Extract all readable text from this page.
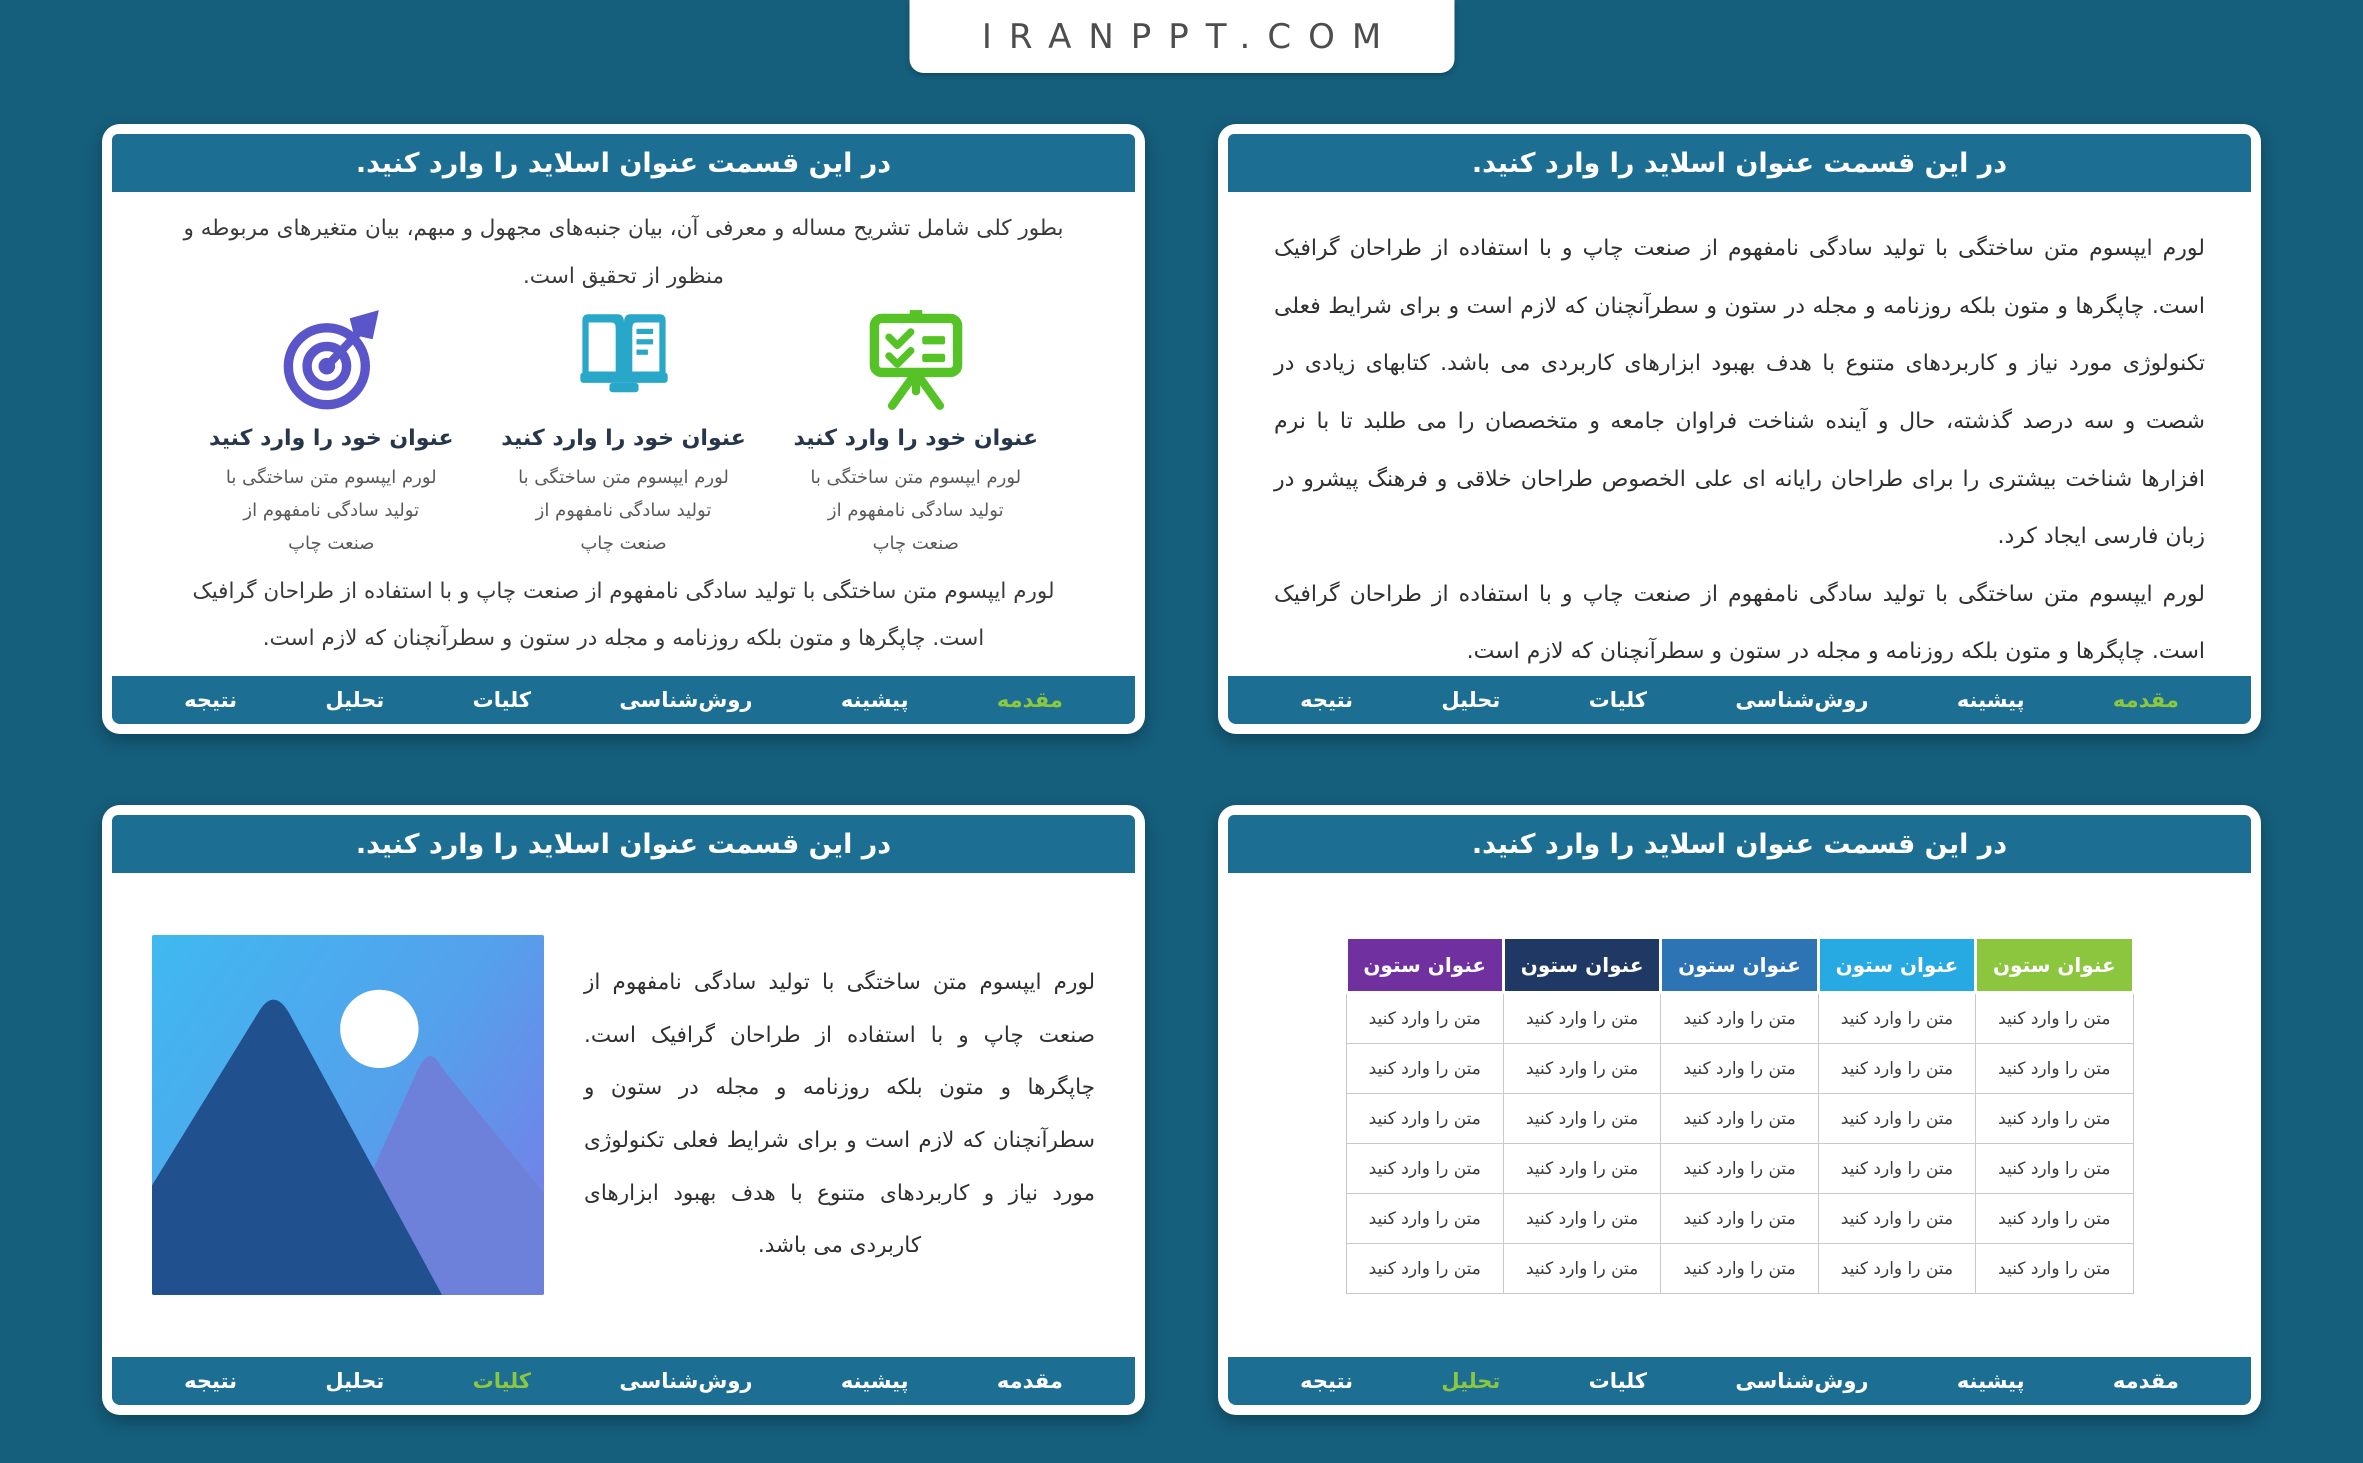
IRANPPT.COM
در این قسمت عنوان اسلاید را وارد کنید.

بطور کلی شامل تشریح مساله و معرفی آن، بیان جنبه‌های مجهول و مبهم، بیان متغیرهای مربوطه و منظور از تحقیق است.

عنوان خود را وارد کنید

لورم ایپسوم متن ساختگی با تولید سادگی نامفهوم از صنعت چاپ

عنوان خود را وارد کنید

لورم ایپسوم متن ساختگی با تولید سادگی نامفهوم از صنعت چاپ

عنوان خود را وارد کنید

لورم ایپسوم متن ساختگی با تولید سادگی نامفهوم از صنعت چاپ

لورم ایپسوم متن ساختگی با تولید سادگی نامفهوم از صنعت چاپ و با استفاده از طراحان گرافیک است. چاپگرها و متون بلکه روزنامه و مجله در ستون و سطرآنچنان که لازم است.

مقدمه
پیشینه
روش‌شناسی
کلیات
تحلیل
نتیجه
در این قسمت عنوان اسلاید را وارد کنید.

لورم ایپسوم متن ساختگی با تولید سادگی نامفهوم از صنعت چاپ و با استفاده از طراحان گرافیک است. چاپگرها و متون بلکه روزنامه و مجله در ستون و سطرآنچنان که لازم است و برای شرایط فعلی تکنولوژی مورد نیاز و کاربردهای متنوع با هدف بهبود ابزارهای کاربردی می باشد. کتابهای زیادی در شصت و سه درصد گذشته، حال و آینده شناخت فراوان جامعه و متخصصان را می طلبد تا با نرم افزارها شناخت بیشتری را برای طراحان رایانه ای علی الخصوص طراحان خلاقی و فرهنگ پیشرو در زبان فارسی ایجاد کرد.

لورم ایپسوم متن ساختگی با تولید سادگی نامفهوم از صنعت چاپ و با استفاده از طراحان گرافیک است. چاپگرها و متون بلکه روزنامه و مجله در ستون و سطرآنچنان که لازم است.

مقدمه
پیشینه
روش‌شناسی
کلیات
تحلیل
نتیجه
در این قسمت عنوان اسلاید را وارد کنید.

لورم ایپسوم متن ساختگی با تولید سادگی نامفهوم از صنعت چاپ و با استفاده از طراحان گرافیک است. چاپگرها و متون بلکه روزنامه و مجله در ستون و سطرآنچنان که لازم است و برای شرایط فعلی تکنولوژی مورد نیاز و کاربردهای متنوع با هدف بهبود ابزارهای کاربردی می باشد.

مقدمه
پیشینه
روش‌شناسی
کلیات
تحلیل
نتیجه
در این قسمت عنوان اسلاید را وارد کنید.
عنوان ستون	عنوان ستون	عنوان ستون	عنوان ستون	عنوان ستون
متن را وارد کنید	متن را وارد کنید	متن را وارد کنید	متن را وارد کنید	متن را وارد کنید
متن را وارد کنید	متن را وارد کنید	متن را وارد کنید	متن را وارد کنید	متن را وارد کنید
متن را وارد کنید	متن را وارد کنید	متن را وارد کنید	متن را وارد کنید	متن را وارد کنید
متن را وارد کنید	متن را وارد کنید	متن را وارد کنید	متن را وارد کنید	متن را وارد کنید
متن را وارد کنید	متن را وارد کنید	متن را وارد کنید	متن را وارد کنید	متن را وارد کنید
متن را وارد کنید	متن را وارد کنید	متن را وارد کنید	متن را وارد کنید	متن را وارد کنید
مقدمه
پیشینه
روش‌شناسی
کلیات
تحلیل
نتیجه
